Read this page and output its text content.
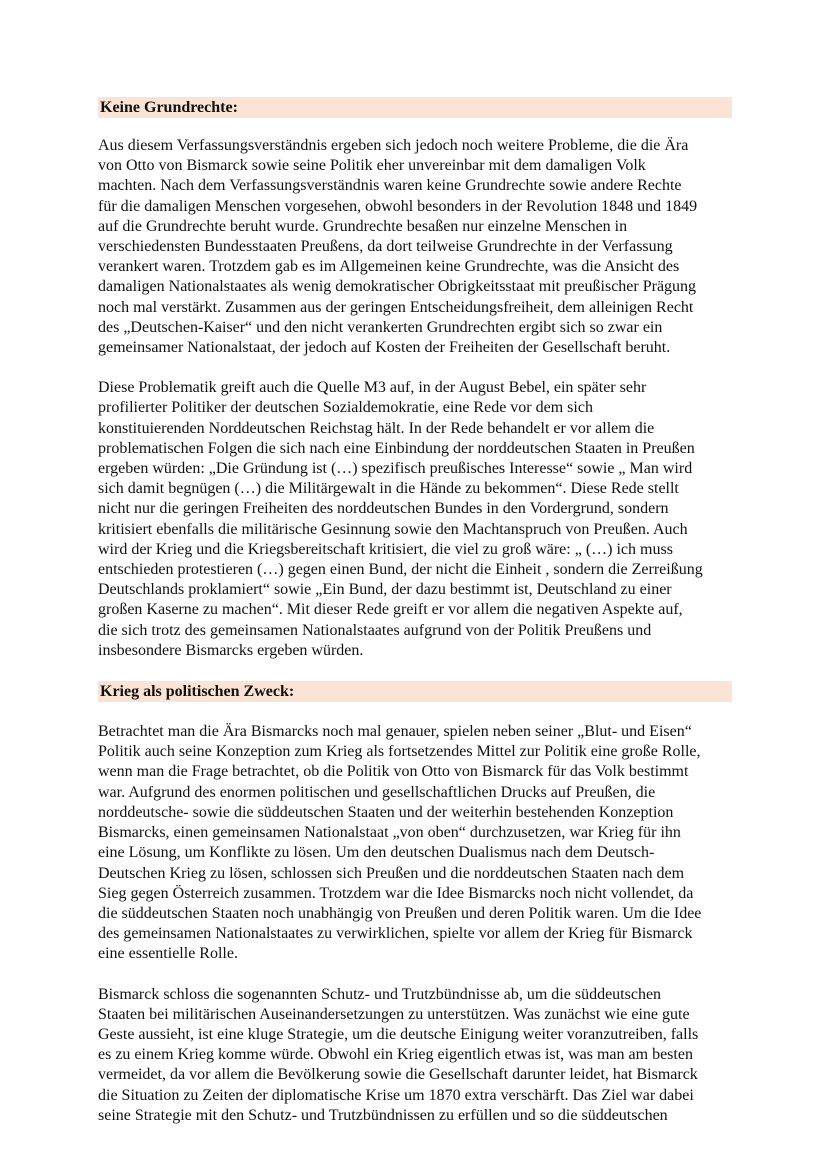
Keine Grundrechte:
Aus diesem Verfassungsverständnis ergeben sich jedoch noch weitere Probleme, die die Ära
von Otto von Bismarck sowie seine Politik eher unvereinbar mit dem damaligen Volk
machten. Nach dem Verfassungsverständnis waren keine Grundrechte sowie andere Rechte
für die damaligen Menschen vorgesehen, obwohl besonders in der Revolution 1848 und 1849
auf die Grundrechte beruht wurde. Grundrechte besaßen nur einzelne Menschen in
verschiedensten Bundesstaaten Preußens, da dort teilweise Grundrechte in der Verfassung
verankert waren. Trotzdem gab es im Allgemeinen keine Grundrechte, was die Ansicht des
damaligen Nationalstaates als wenig demokratischer Obrigkeitsstaat mit preußischer Prägung
noch mal verstärkt. Zusammen aus der geringen Entscheidungsfreiheit, dem alleinigen Recht
des „Deutschen-Kaiser“ und den nicht verankerten Grundrechten ergibt sich so zwar ein
gemeinsamer Nationalstaat, der jedoch auf Kosten der Freiheiten der Gesellschaft beruht.
Diese Problematik greift auch die Quelle M3 auf, in der August Bebel, ein später sehr
profilierter Politiker der deutschen Sozialdemokratie, eine Rede vor dem sich
konstituierenden Norddeutschen Reichstag hält. In der Rede behandelt er vor allem die
problematischen Folgen die sich nach eine Einbindung der norddeutschen Staaten in Preußen
ergeben würden: „Die Gründung ist (…) spezifisch preußisches Interesse“ sowie „ Man wird
sich damit begnügen (…) die Militärgewalt in die Hände zu bekommen“. Diese Rede stellt
nicht nur die geringen Freiheiten des norddeutschen Bundes in den Vordergrund, sondern
kritisiert ebenfalls die militärische Gesinnung sowie den Machtanspruch von Preußen. Auch
wird der Krieg und die Kriegsbereitschaft kritisiert, die viel zu groß wäre: „ (…) ich muss
entschieden protestieren (…) gegen einen Bund, der nicht die Einheit , sondern die Zerreißung
Deutschlands proklamiert“ sowie „Ein Bund, der dazu bestimmt ist, Deutschland zu einer
großen Kaserne zu machen“. Mit dieser Rede greift er vor allem die negativen Aspekte auf,
die sich trotz des gemeinsamen Nationalstaates aufgrund von der Politik Preußens und
insbesondere Bismarcks ergeben würden.
Krieg als politischen Zweck:
Betrachtet man die Ära Bismarcks noch mal genauer, spielen neben seiner „Blut- und Eisen“
Politik auch seine Konzeption zum Krieg als fortsetzendes Mittel zur Politik eine große Rolle,
wenn man die Frage betrachtet, ob die Politik von Otto von Bismarck für das Volk bestimmt
war. Aufgrund des enormen politischen und gesellschaftlichen Drucks auf Preußen, die
norddeutsche- sowie die süddeutschen Staaten und der weiterhin bestehenden Konzeption
Bismarcks, einen gemeinsamen Nationalstaat „von oben“ durchzusetzen, war Krieg für ihn
eine Lösung, um Konflikte zu lösen. Um den deutschen Dualismus nach dem Deutsch-
Deutschen Krieg zu lösen, schlossen sich Preußen und die norddeutschen Staaten nach dem
Sieg gegen Österreich zusammen. Trotzdem war die Idee Bismarcks noch nicht vollendet, da
die süddeutschen Staaten noch unabhängig von Preußen und deren Politik waren. Um die Idee
des gemeinsamen Nationalstaates zu verwirklichen, spielte vor allem der Krieg für Bismarck
eine essentielle Rolle.
Bismarck schloss die sogenannten Schutz- und Trutzbündnisse ab, um die süddeutschen
Staaten bei militärischen Auseinandersetzungen zu unterstützen. Was zunächst wie eine gute
Geste aussieht, ist eine kluge Strategie, um die deutsche Einigung weiter voranzutreiben, falls
es zu einem Krieg komme würde. Obwohl ein Krieg eigentlich etwas ist, was man am besten
vermeidet, da vor allem die Bevölkerung sowie die Gesellschaft darunter leidet, hat Bismarck
die Situation zu Zeiten der diplomatische Krise um 1870 extra verschärft. Das Ziel war dabei
seine Strategie mit den Schutz- und Trutzbündnissen zu erfüllen und so die süddeutschen
